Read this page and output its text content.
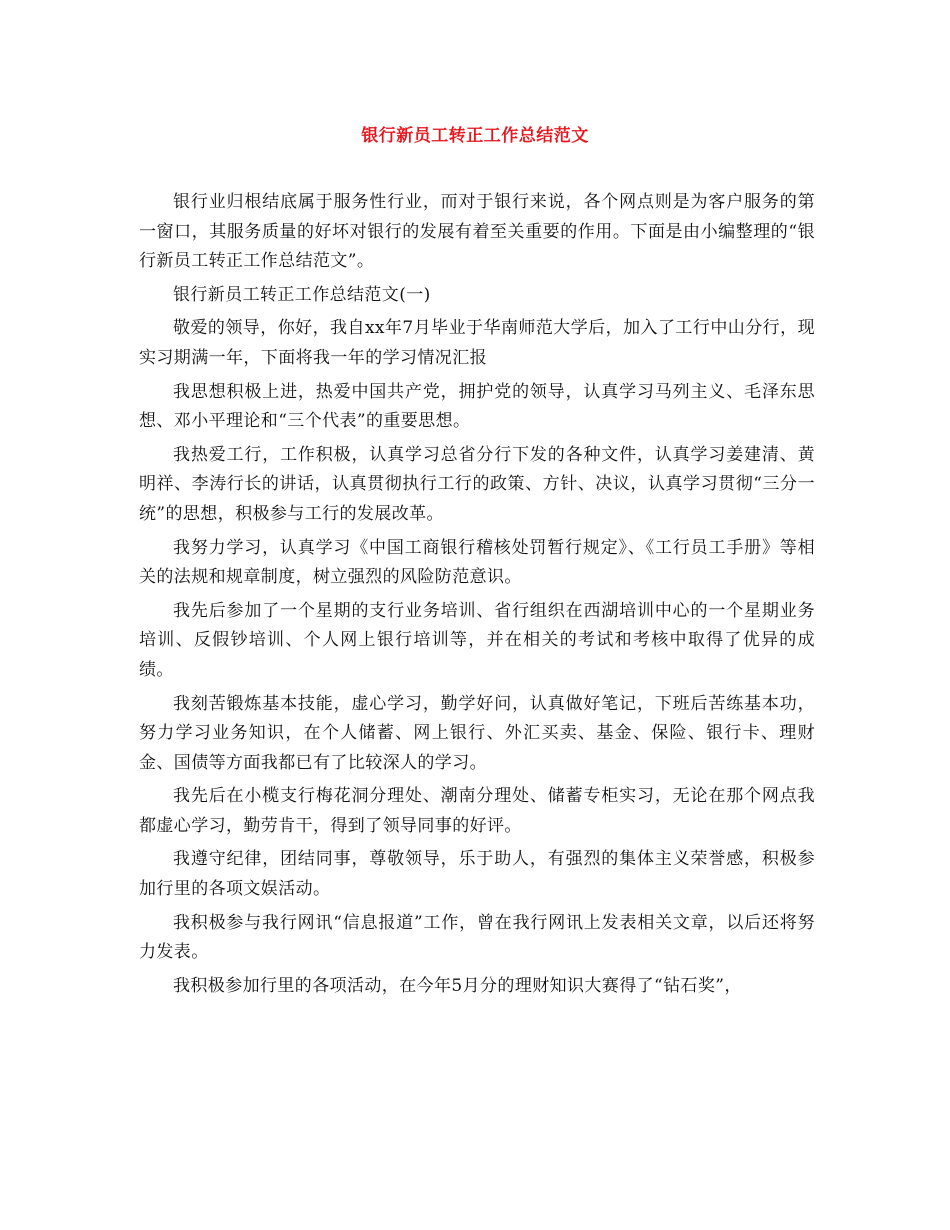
银行新员工转正工作总结范文

银行业归根结底属于服务性行业，而对于银行来说，各个网点则是为客户服务的第一窗口，其服务质量的好坏对银行的发展有着至关重要的作用。下面是由小编整理的“银行新员工转正工作总结范文”。

银行新员工转正工作总结范文(一)

敬爱的领导，你好，我自xx年7月毕业于华南师范大学后，加入了工行中山分行，现实习期满一年，下面将我一年的学习情况汇报

我思想积极上进，热爱中国共产党，拥护党的领导，认真学习马列主义、毛泽东思想、邓小平理论和“三个代表”的重要思想。

我热爱工行，工作积极，认真学习总省分行下发的各种文件，认真学习姜建清、黄明祥、李涛行长的讲话，认真贯彻执行工行的政策、方针、决议，认真学习贯彻“三分一统”的思想，积极参与工行的发展改革。

我努力学习，认真学习《中国工商银行稽核处罚暂行规定》、《工行员工手册》等相关的法规和规章制度，树立强烈的风险防范意识。

我先后参加了一个星期的支行业务培训、省行组织在西湖培训中心的一个星期业务培训、反假钞培训、个人网上银行培训等，并在相关的考试和考核中取得了优异的成绩。

我刻苦锻炼基本技能，虚心学习，勤学好问，认真做好笔记，下班后苦练基本功，努力学习业务知识，在个人储蓄、网上银行、外汇买卖、基金、保险、银行卡、理财金、国债等方面我都已有了比较深人的学习。

我先后在小榄支行梅花洞分理处、潮南分理处、储蓄专柜实习，无论在那个网点我都虚心学习，勤劳肯干，得到了领导同事的好评。

我遵守纪律，团结同事，尊敬领导，乐于助人，有强烈的集体主义荣誉感，积极参加行里的各项文娱活动。

我积极参与我行网讯“信息报道”工作，曾在我行网讯上发表相关文章，以后还将努力发表。

我积极参加行里的各项活动，在今年5月分的理财知识大赛得了“钻石奖”，
